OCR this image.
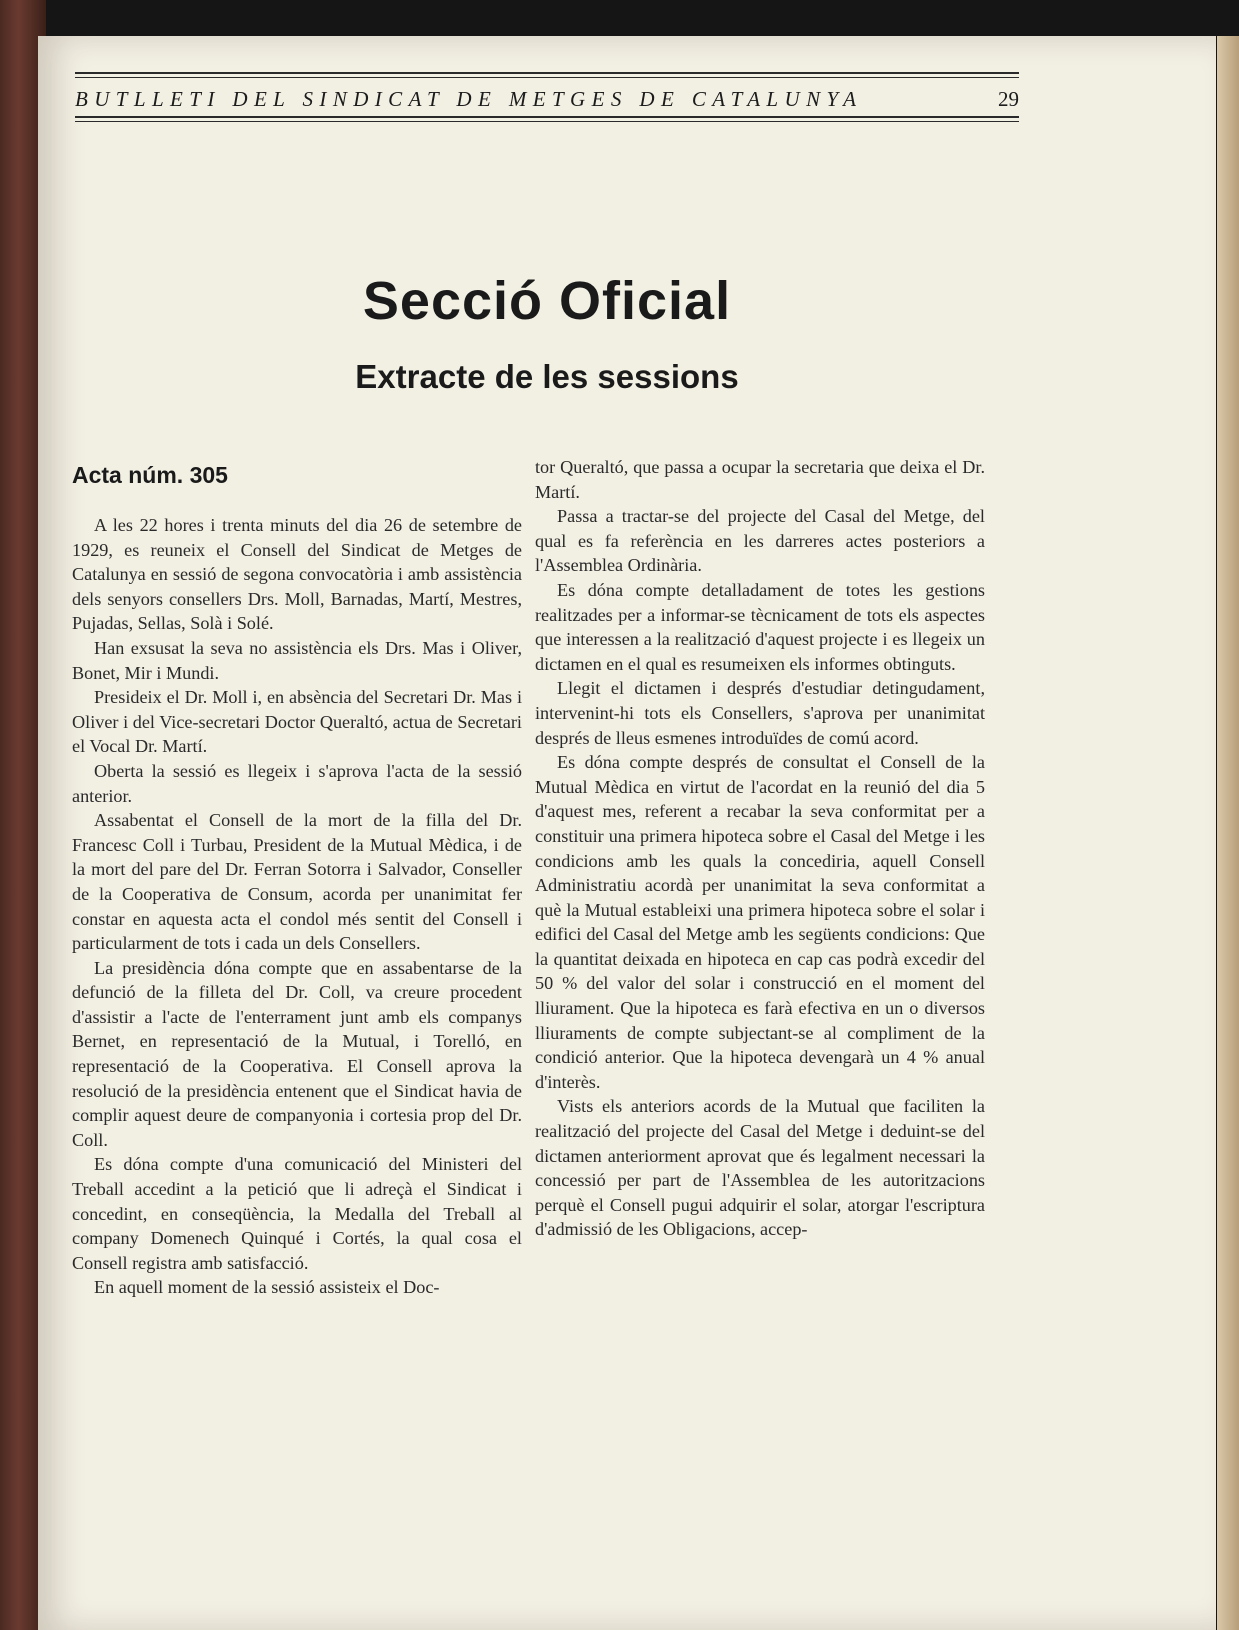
BUTLLETI DEL SINDICAT DE METGES DE CATALUNYA	29
Secció Oficial
Extracte de les sessions
Acta núm. 305

A les 22 hores i trenta minuts del dia 26 de setembre de 1929, es reuneix el Consell del Sindicat de Metges de Catalunya en sessió de segona convocatòria i amb assistència dels senyors consellers Drs. Moll, Barnadas, Martí, Mestres, Pujadas, Sellas, Solà i Solé.

Han exsusat la seva no assistència els Drs. Mas i Oliver, Bonet, Mir i Mundi.

Presideix el Dr. Moll i, en absència del Secretari Dr. Mas i Oliver i del Vice-secretari Doctor Queraltó, actua de Secretari el Vocal Dr. Martí.

Oberta la sessió es llegeix i s'aprova l'acta de la sessió anterior.

Assabentat el Consell de la mort de la filla del Dr. Francesc Coll i Turbau, President de la Mutual Mèdica, i de la mort del pare del Dr. Ferran Sotorra i Salvador, Conseller de la Cooperativa de Consum, acorda per unanimitat fer constar en aquesta acta el condol més sentit del Consell i particularment de tots i cada un dels Consellers.

La presidència dóna compte que en assabentarse de la defunció de la filleta del Dr. Coll, va creure procedent d'assistir a l'acte de l'enterrament junt amb els companys Bernet, en representació de la Mutual, i Torelló, en representació de la Cooperativa. El Consell aprova la resolució de la presidència entenent que el Sindicat havia de complir aquest deure de companyonia i cortesia prop del Dr. Coll.

Es dóna compte d'una comunicació del Ministeri del Treball accedint a la petició que li adreçà el Sindicat i concedint, en conseqüència, la Medalla del Treball al company Domenech Quinqué i Cortés, la qual cosa el Consell registra amb satisfacció.

En aquell moment de la sessió assisteix el Doc-

tor Queraltó, que passa a ocupar la secretaria que deixa el Dr. Martí.

Passa a tractar-se del projecte del Casal del Metge, del qual es fa referència en les darreres actes posteriors a l'Assemblea Ordinària.

Es dóna compte detalladament de totes les gestions realitzades per a informar-se tècnicament de tots els aspectes que interessen a la realització d'aquest projecte i es llegeix un dictamen en el qual es resumeixen els informes obtinguts.

Llegit el dictamen i després d'estudiar detingudament, intervenint-hi tots els Consellers, s'aprova per unanimitat després de lleus esmenes introduïdes de comú acord.

Es dóna compte després de consultat el Consell de la Mutual Mèdica en virtut de l'acordat en la reunió del dia 5 d'aquest mes, referent a recabar la seva conformitat per a constituir una primera hipoteca sobre el Casal del Metge i les condicions amb les quals la concediria, aquell Consell Administratiu acordà per unanimitat la seva conformitat a què la Mutual estableixi una primera hipoteca sobre el solar i edifici del Casal del Metge amb les següents condicions: Que la quantitat deixada en hipoteca en cap cas podrà excedir del 50 % del valor del solar i construcció en el moment del lliurament. Que la hipoteca es farà efectiva en un o diversos lliuraments de compte subjectant-se al compliment de la condició anterior. Que la hipoteca devengarà un 4 % anual d'interès.

Vists els anteriors acords de la Mutual que faciliten la realització del projecte del Casal del Metge i deduint-se del dictamen anteriorment aprovat que és legalment necessari la concessió per part de l'Assemblea de les autoritzacions perquè el Consell pugui adquirir el solar, atorgar l'escriptura d'admissió de les Obligacions, accep-
